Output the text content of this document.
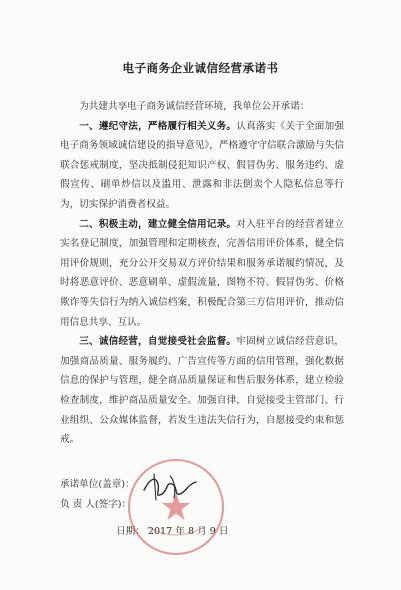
电子商务企业诚信经营承诺书

为共建共享电子商务诚信经营环境，我单位公开承诺：

一、遵纪守法，严格履行相关义务。认真落实《关于全面加强电子商务领域诚信建设的指导意见》，严格遵守守信联合激励与失信联合惩戒制度，坚决抵制侵犯知识产权、假冒伪劣、服务违约、虚假宣传、刷单炒信以及滥用、泄露和非法倒卖个人隐私信息等行为，切实保护消费者权益。

二、积极主动，建立健全信用记录。对入驻平台的经营者建立实名登记制度，加强管理和定期核查，完善信用评价体系，健全信用评价规则，充分公开交易双方评价结果和服务承诺履约情况，及时将恶意评价、恶意刷单、虚假流量，图物不符、假冒伪劣、价格欺诈等失信行为纳入诚信档案，积极配合第三方信用评价，推动信用信息共享、互认。

三、诚信经营，自觉接受社会监督。牢固树立诚信经营意识，加强商品质量、服务履约、广告宣传等方面的信用管理，强化数据信息的保护与管理，健全商品质量保证和售后服务体系，建立检验检查制度，维护商品质量安全。加强自律，自觉接受主管部门、行业组织、公众媒体监督，若发生违法失信行为，自愿接受约束和惩戒。

承诺单位(盖章)：
负 责 人(签字)：
日期： 2017 年 8 月 9 日
